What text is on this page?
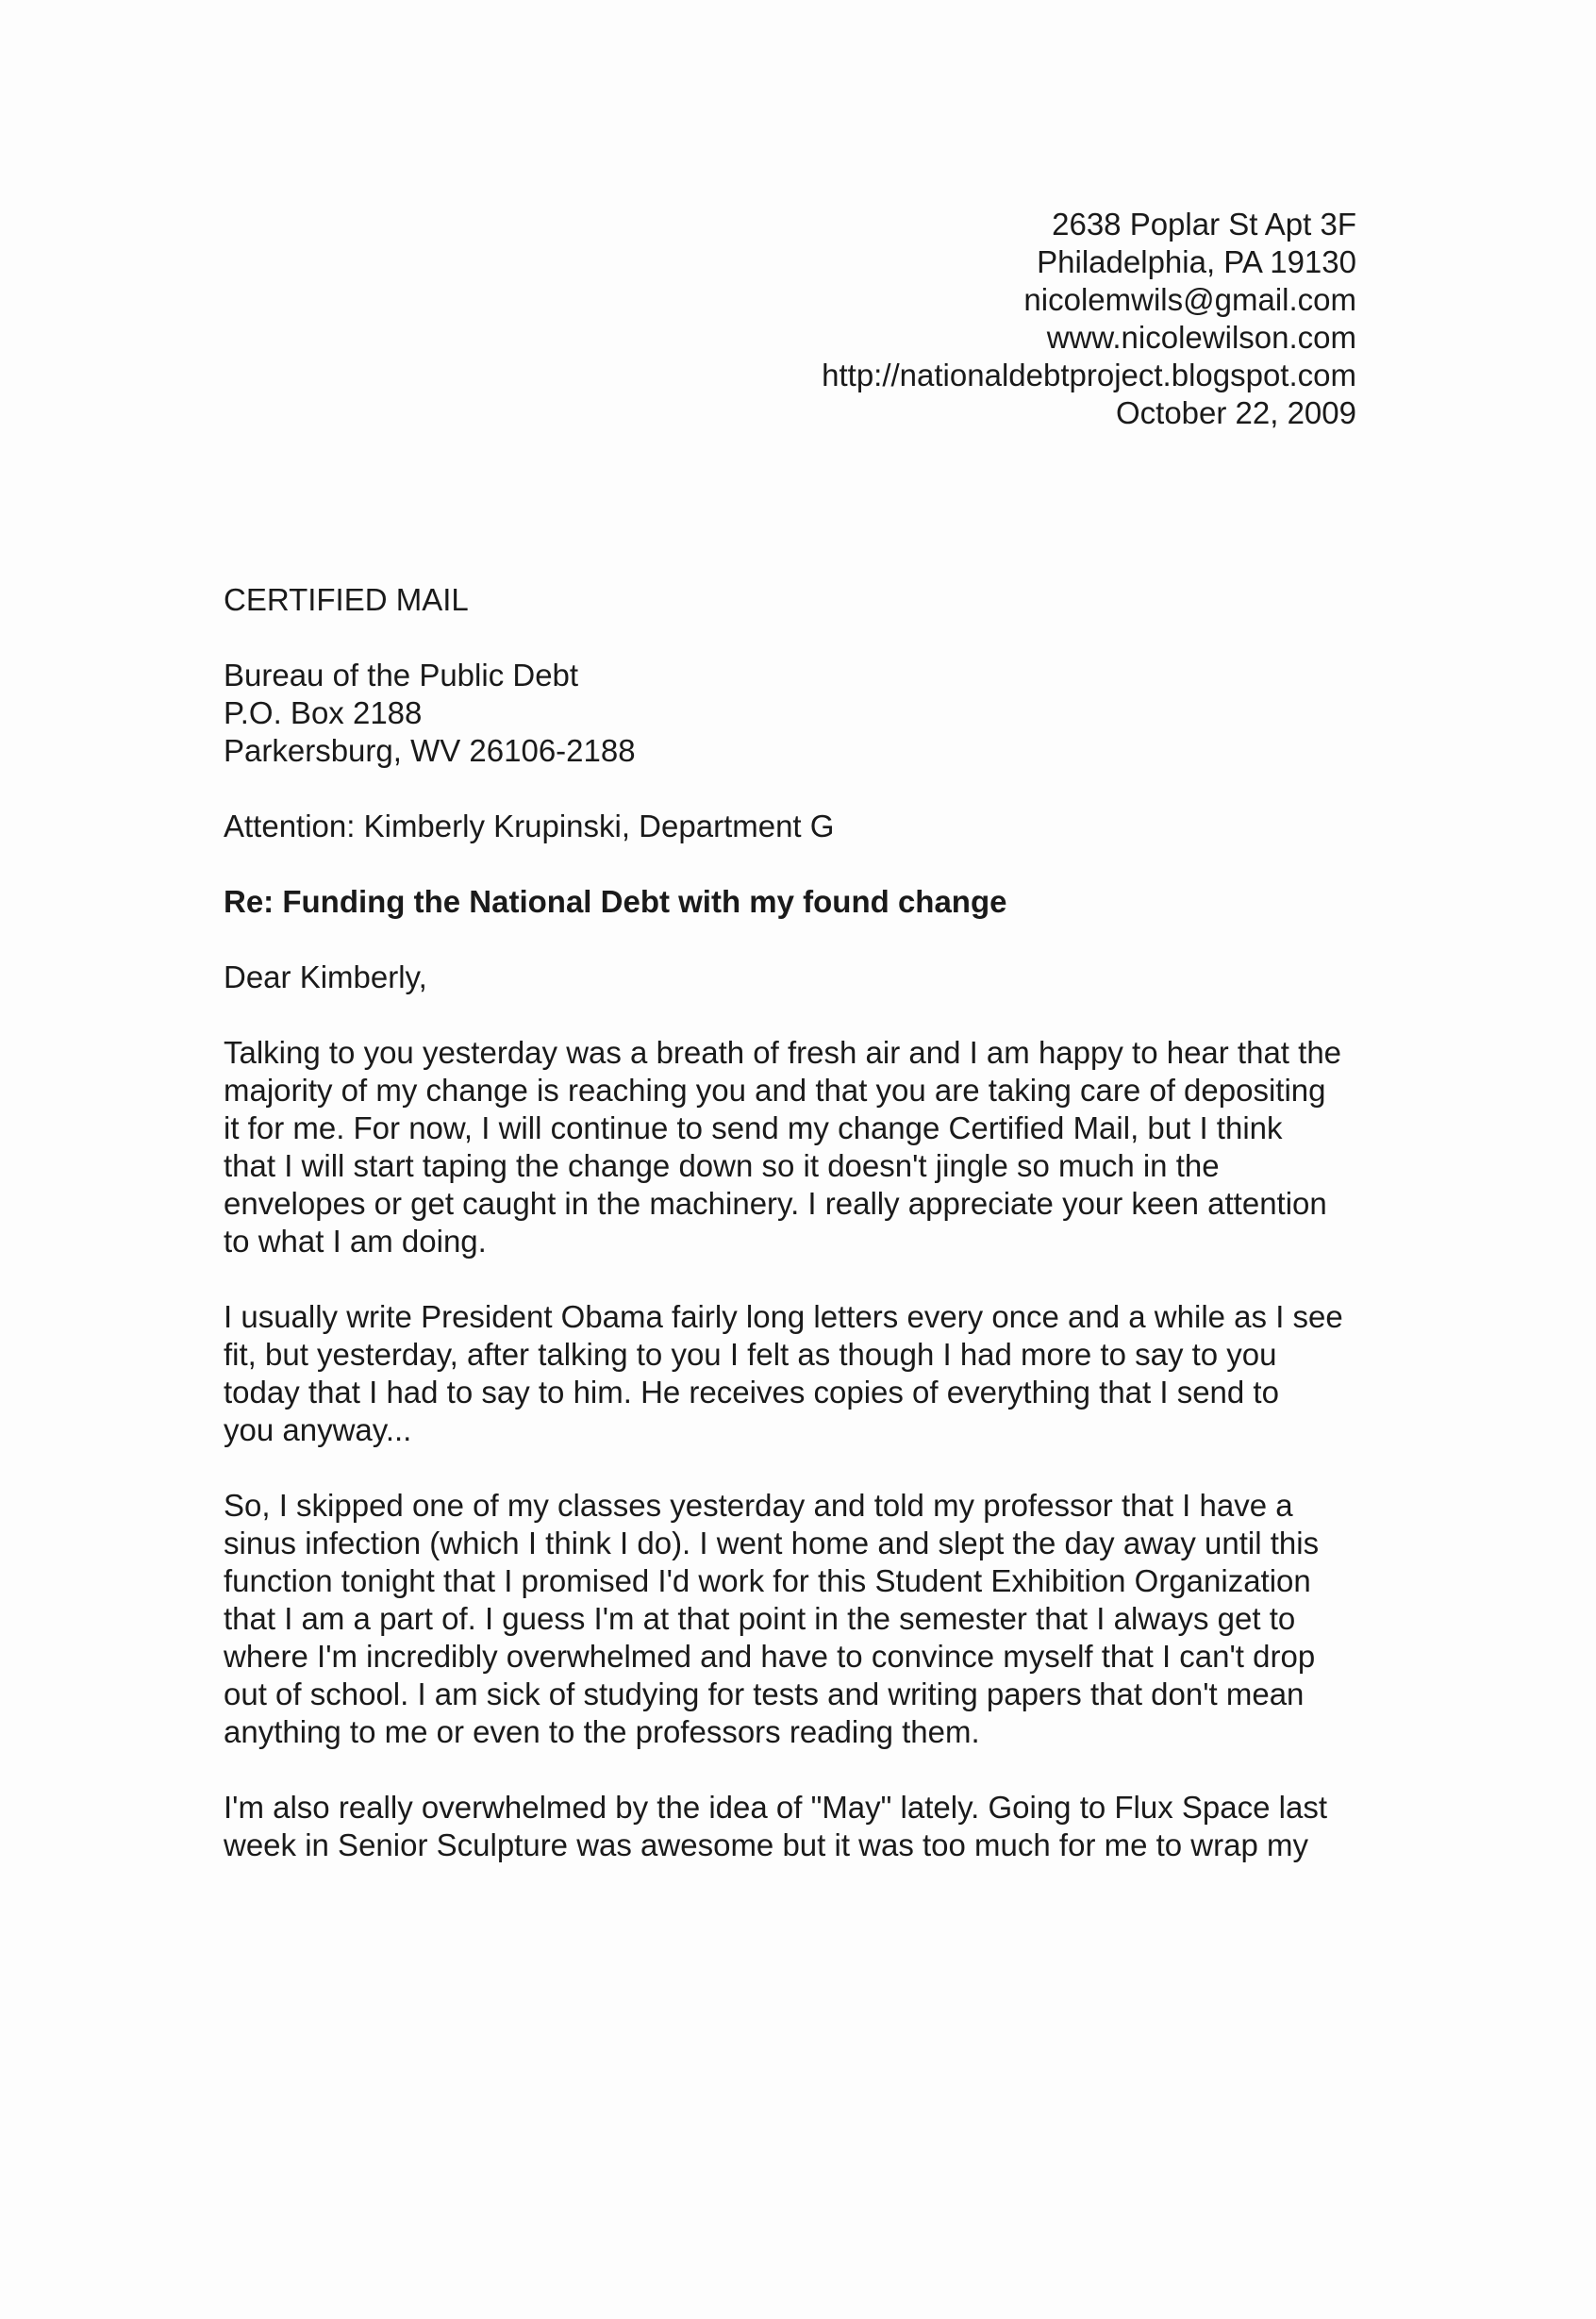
2638 Poplar St Apt 3F
Philadelphia, PA 19130
nicolemwils@gmail.com
www.nicolewilson.com
http://nationaldebtproject.blogspot.com
October 22, 2009
CERTIFIED MAIL
Bureau of the Public Debt
P.O. Box 2188
Parkersburg, WV 26106-2188
Attention: Kimberly Krupinski, Department G
Re: Funding the National Debt with my found change
Dear Kimberly,
Talking to you yesterday was a breath of fresh air and I am happy to hear that the
majority of my change is reaching you and that you are taking care of depositing
it for me. For now, I will continue to send my change Certified Mail, but I think
that I will start taping the change down so it doesn't jingle so much in the
envelopes or get caught in the machinery. I really appreciate your keen attention
to what I am doing.
I usually write President Obama fairly long letters every once and a while as I see
fit, but yesterday, after talking to you I felt as though I had more to say to you
today that I had to say to him. He receives copies of everything that I send to
you anyway...
So, I skipped one of my classes yesterday and told my professor that I have a
sinus infection (which I think I do). I went home and slept the day away until this
function tonight that I promised I'd work for this Student Exhibition Organization
that I am a part of. I guess I'm at that point in the semester that I always get to
where I'm incredibly overwhelmed and have to convince myself that I can't drop
out of school. I am sick of studying for tests and writing papers that don't mean
anything to me or even to the professors reading them.
I'm also really overwhelmed by the idea of "May" lately. Going to Flux Space last
week in Senior Sculpture was awesome but it was too much for me to wrap my
